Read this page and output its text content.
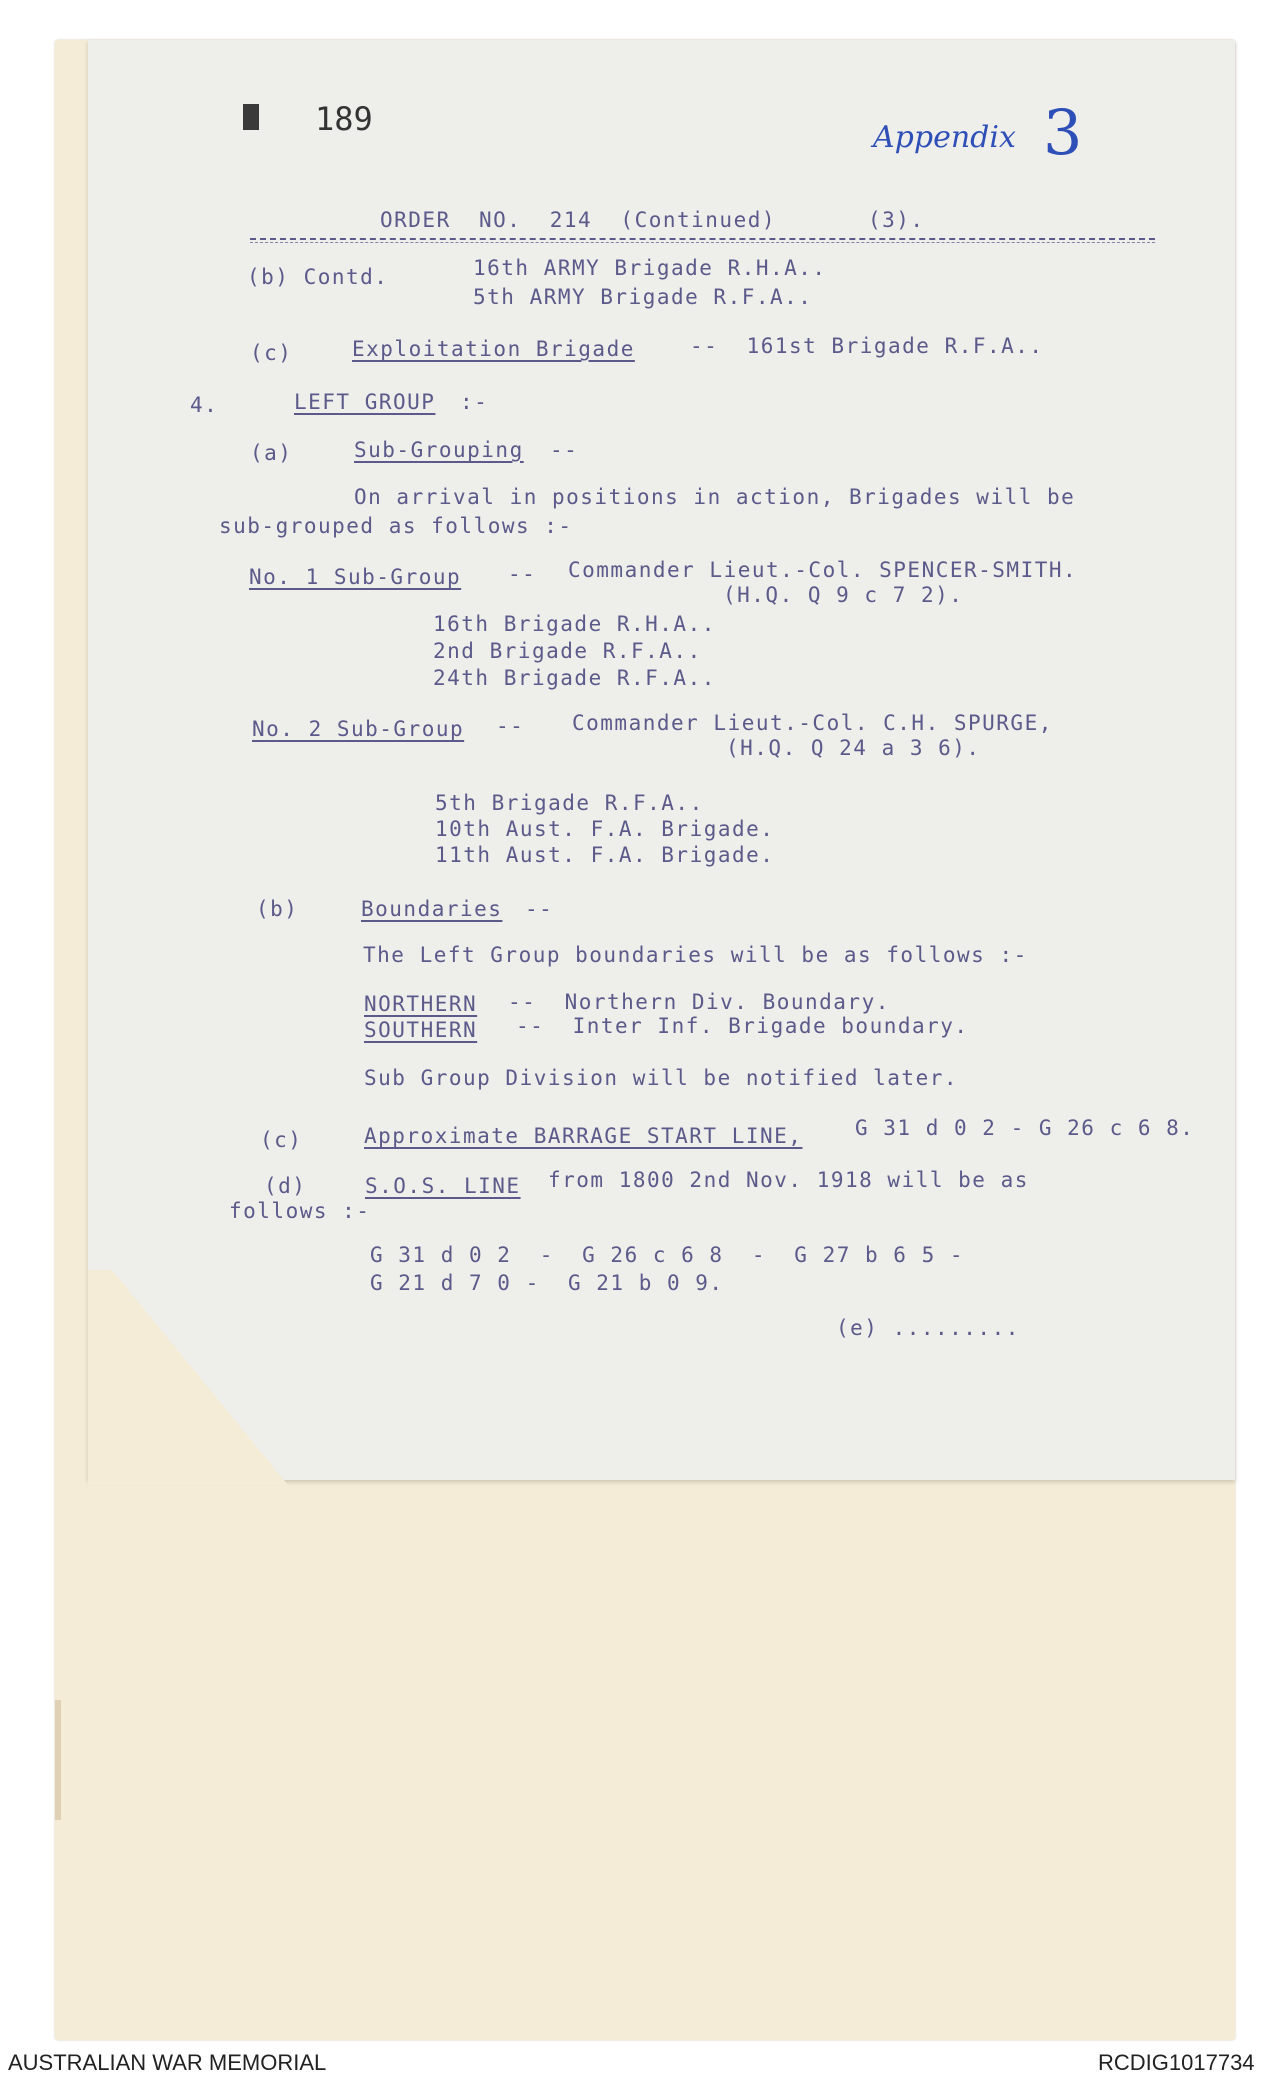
189	Appendix 3
ORDER  NO.  214  (Continued)	(3).
(b) Contd.	16th ARMY Brigade R.H.A..
5th ARMY Brigade R.F.A..
(c)	Exploitation Brigade	--  161st Brigade R.F.A..
4.	LEFT GROUP :-
(a)	Sub-Grouping --
On arrival in positions in action, Brigades will be
sub-grouped as follows :-
No. 1 Sub-Group -- Commander Lieut.-Col. SPENCER-SMITH.
(H.Q. Q 9 c 7 2).
16th Brigade R.H.A..
2nd Brigade R.F.A..
24th Brigade R.F.A..
No. 2 Sub-Group -- Commander Lieut.-Col. C.H. SPURGE,
(H.Q. Q 24 a 3 6).
5th Brigade R.F.A..
10th Aust. F.A. Brigade.
11th Aust. F.A. Brigade.
(b)	Boundaries --
The Left Group boundaries will be as follows :-
NORTHERN --  Northern Div. Boundary.
SOUTHERN --  Inter Inf. Brigade boundary.
Sub Group Division will be notified later.
(c)	Approximate BARRAGE START LINE,	G 31 d 0 2 - G 26 c 6 8.
(d)	S.O.S. LINE from 1800 2nd Nov. 1918 will be as
follows :-
G 31 d 0 2  -  G 26 c 6 8  -  G 27 b 6 5 -
G 21 d 7 0 -  G 21 b 0 9.
(e) .........
AUSTRALIAN WAR MEMORIAL	RCDIG1017734
